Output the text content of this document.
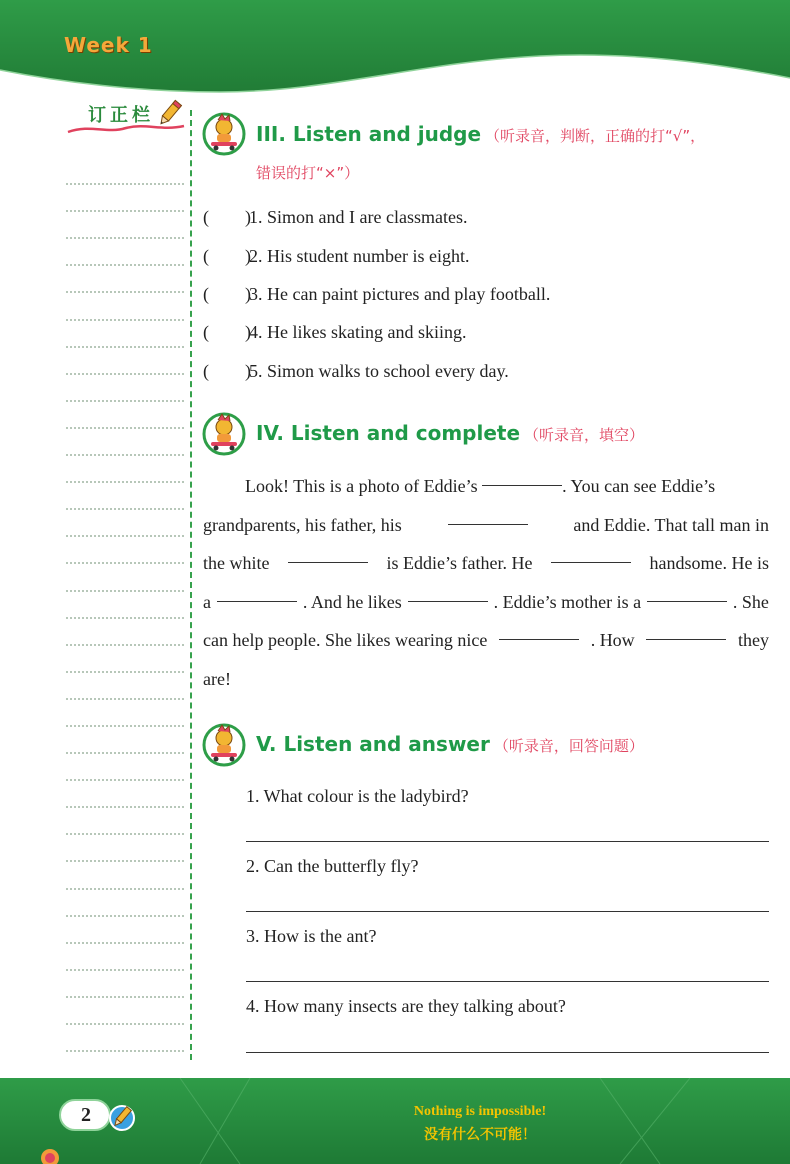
Week 1
订正栏
III. Listen and judge （听录音，判断，正确的打“√”，
错误的打“×”）
(　　)1. Simon and I are classmates.
(　　)2. His student number is eight.
(　　)3. He can paint pictures and play football.
(　　)4. He likes skating and skiing.
(　　)5. Simon walks to school every day.
IV. Listen and complete （听录音，填空）
Look! This is a photo of Eddie’s
	. You can see Eddie’s
grandparents, his father, his	and Eddie. That tall man in
the white	is Eddie’s father. He	handsome. He is
a	. And he likes	. Eddie’s mother is a	. She
can help people. She likes wearing nice	. How	they
are!
V. Listen and answer （听录音，回答问题）
1. What colour is the ladybird?
2. Can the butterfly fly?
3. How is the ant?
4. How many insects are they talking about?
2	Nothing is impossible!
没有什么不可能！
